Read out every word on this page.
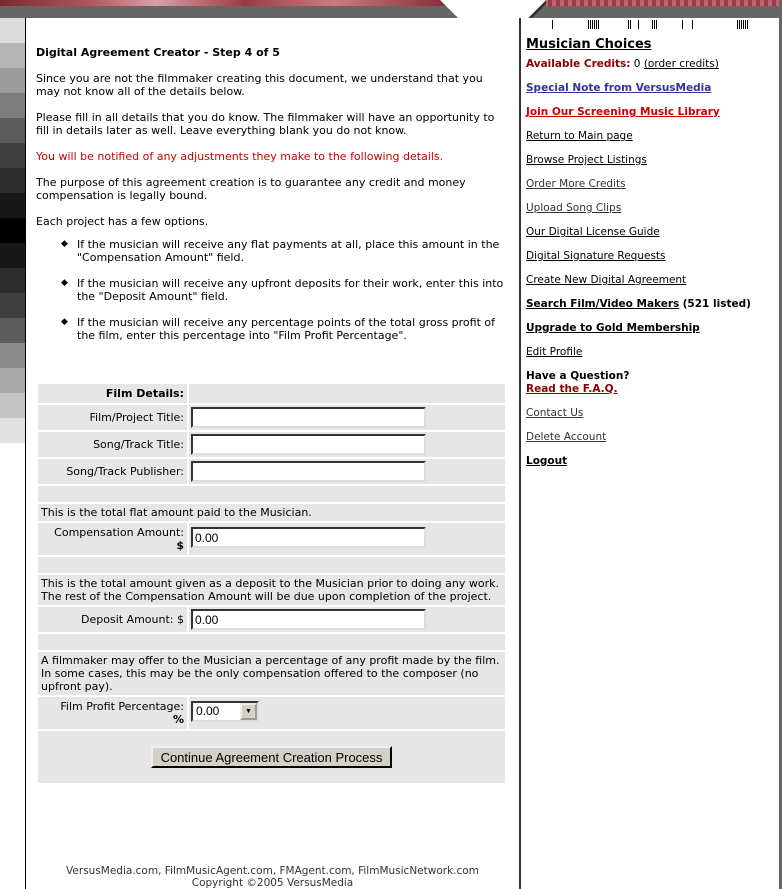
Digital Agreement Creator - Step 4 of 5

Since you are not the filmmaker creating this document, we understand that you may not know all of the details below.

Please fill in all details that you do know. The filmmaker will have an opportunity to fill in details later as well. Leave everything blank you do not know.

You will be notified of any adjustments they make to the following details.

The purpose of this agreement creation is to guarantee any credit and money compensation is legally bound.

Each project has a few options.

◆ If the musician will receive any flat payments at all, place this amount in the "Compensation Amount" field.
◆ If the musician will receive any upfront deposits for their work, enter this into the "Deposit Amount" field.
◆ If the musician will receive any percentage points of the total gross profit of the film, enter this percentage into "Film Profit Percentage".
Film Details:
Film/Project Title:
Song/Track Title:
Song/Track Publisher:
This is the total flat amount paid to the Musician.
Compensation Amount:
$
0.00
This is the total amount given as a deposit to the Musician prior to doing any work. The rest of the Compensation Amount will be due upon completion of the project.
Deposit Amount: $ 0.00
A filmmaker may offer to the Musician a percentage of any profit made by the film. In some cases, this may be the only compensation offered to the composer (no upfront pay).
Film Profit Percentage:
%
0.00	▼
Continue Agreement Creation Process
VersusMedia.com, FilmMusicAgent.com, FMAgent.com, FilmMusicNetwork.com
Copyright ©2005 VersusMedia
Musician Choices
Available Credits: 0 (order credits)
Special Note from VersusMedia
Join Our Screening Music Library
Return to Main page
Browse Project Listings
Order More Credits
Upload Song Clips
Our Digital License Guide
Digital Signature Requests
Create New Digital Agreement
Search Film/Video Makers (521 listed)
Upgrade to Gold Membership
Edit Profile
Have a Question?
Read the F.A.Q.
Contact Us
Delete Account
Logout
